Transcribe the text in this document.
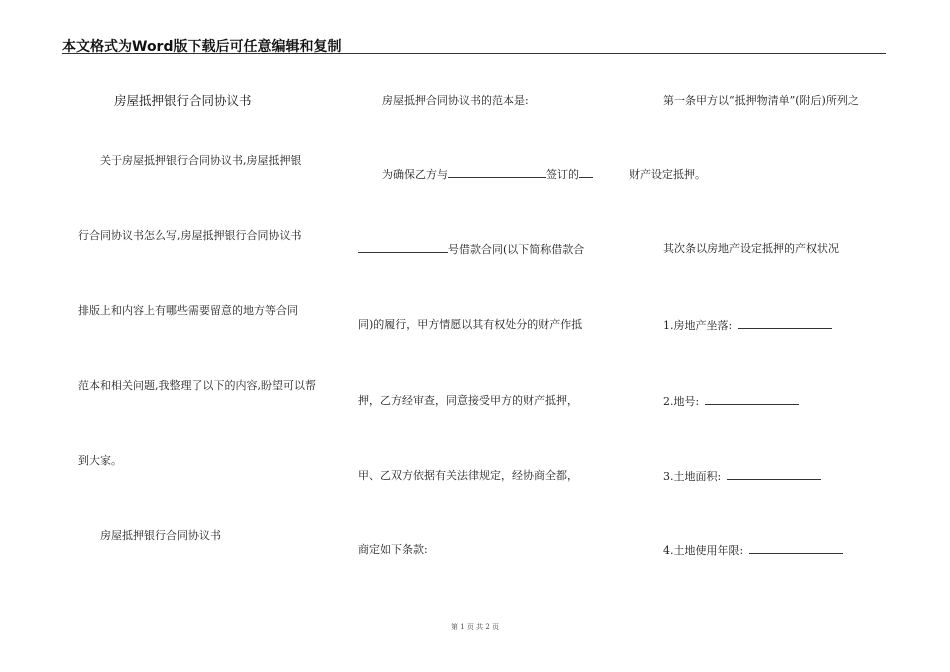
本文格式为Word版下载后可任意编辑和复制
房屋抵押银行合同协议书
关于房屋抵押银行合同协议书,房屋抵押银
行合同协议书怎么写,房屋抵押银行合同协议书
排版上和内容上有哪些需要留意的地方等合同
范本和相关问题,我整理了以下的内容,盼望可以帮
到大家。
房屋抵押银行合同协议书
房屋抵押合同协议书的范本是:
为确保乙方与	签订的	财产设定抵押。
号借款合同(以下简称借款合
同)的履行，甲方情愿以其有权处分的财产作抵
押，乙方经审查，同意接受甲方的财产抵押，
甲、乙双方依据有关法律规定，经协商全都，
商定如下条款:
第一条甲方以“抵押物清单”(附后)所列之
其次条以房地产设定抵押的产权状况
1.房地产坐落:
2.地号:
3.土地面积:
4.土地使用年限:
第 1 页 共 2 页
